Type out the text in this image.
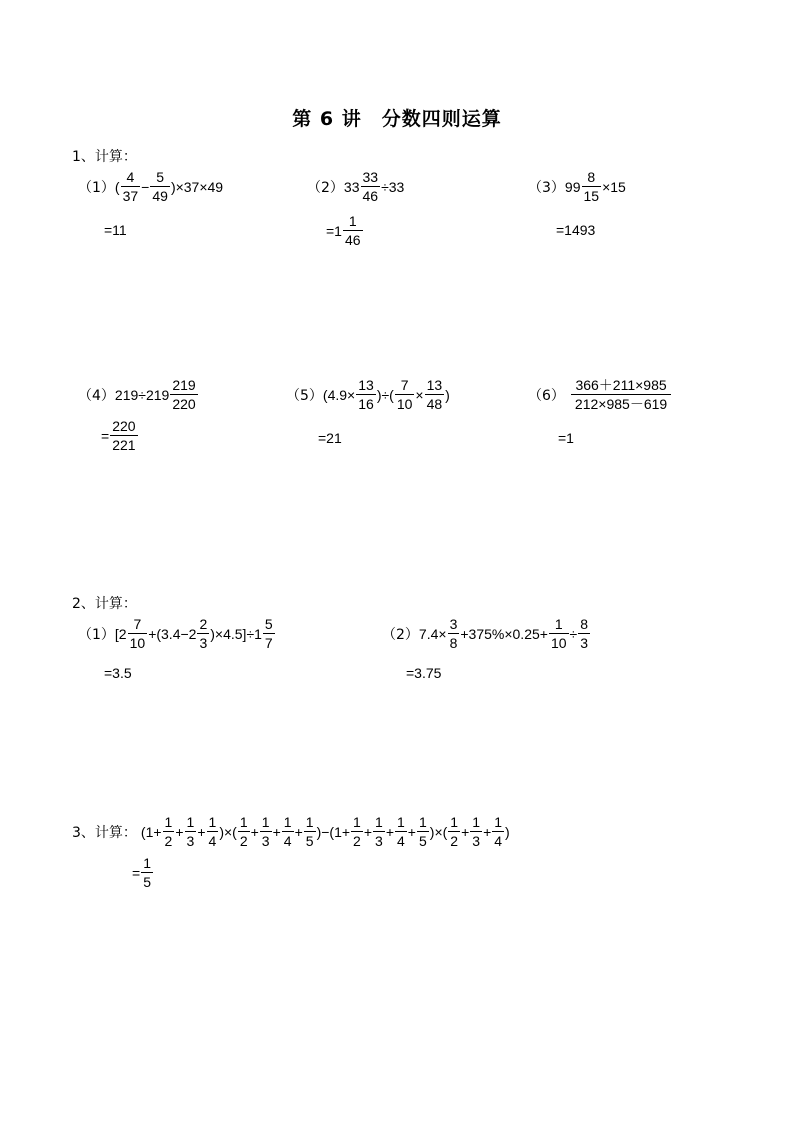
第 6 讲　分数四则运算
1、计算：
（1） ( $\frac{4}{37} - \frac{5}{49} )\times 37\times 49$
=11
（2） $33 \frac{33}{46} \div 33$
$=1 \frac{1}{46}$
（3） $99 \frac{8}{15} \times 15$
=1493
（4） $219\div 219 \frac{219}{220}$
= $\frac{220}{221}$
（5） ($4.9\times \frac{13}{16}$ )÷( $\frac{7}{10} \times \frac{13}{48}$ )
=21
$(6) \frac{366+211\times 985}{212\times 985-619}$
=1
2、计算：
（1） $[2 \frac{7}{10} +(3.4-2 \frac{2}{3} )\times 4.5]\div 1 \frac{5}{7}$
=3.5
（2） $7.4\times \frac{3}{8} +375\%\times 0.25+ \frac{1}{10} \div \frac{8}{3}$
=3.75
3、计算： ($1+ \frac{1}{2} + \frac{1}{3} + \frac{1}{4}$ )×( $\frac{1}{2} + \frac{1}{3} + \frac{1}{4} + \frac{1}{5} )-(1+ \frac{1}{2} + \frac{1}{3} + \frac{1}{4} + \frac{1}{5}$ )×( $\frac{1}{2} + \frac{1}{3} + \frac{1}{4}$ )
= $\frac{1}{5}$
